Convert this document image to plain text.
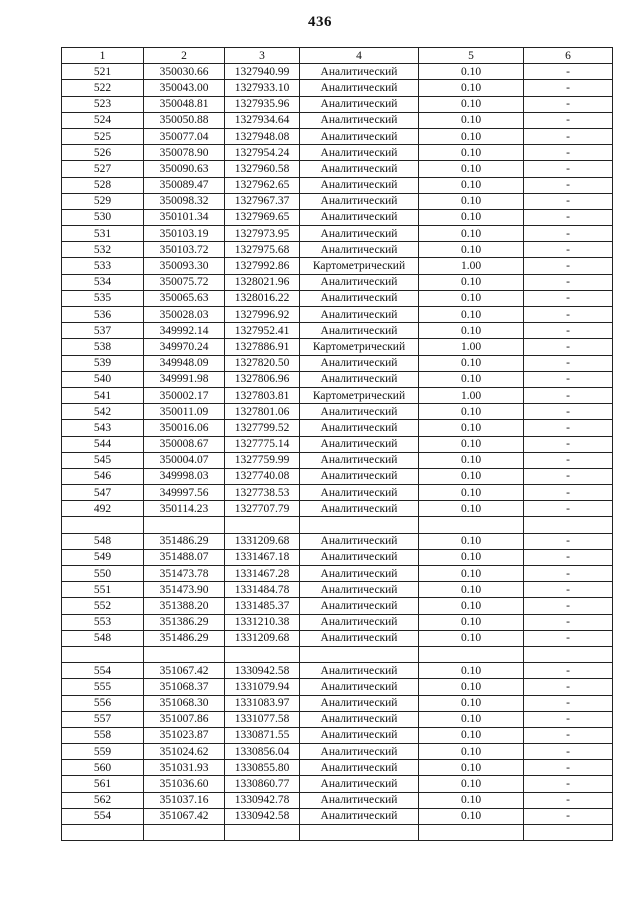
436
1	2	3	4	5	6
521	350030.66	1327940.99	Аналитический	0.10	-
522	350043.00	1327933.10	Аналитический	0.10	-
523	350048.81	1327935.96	Аналитический	0.10	-
524	350050.88	1327934.64	Аналитический	0.10	-
525	350077.04	1327948.08	Аналитический	0.10	-
526	350078.90	1327954.24	Аналитический	0.10	-
527	350090.63	1327960.58	Аналитический	0.10	-
528	350089.47	1327962.65	Аналитический	0.10	-
529	350098.32	1327967.37	Аналитический	0.10	-
530	350101.34	1327969.65	Аналитический	0.10	-
531	350103.19	1327973.95	Аналитический	0.10	-
532	350103.72	1327975.68	Аналитический	0.10	-
533	350093.30	1327992.86	Картометрический	1.00	-
534	350075.72	1328021.96	Аналитический	0.10	-
535	350065.63	1328016.22	Аналитический	0.10	-
536	350028.03	1327996.92	Аналитический	0.10	-
537	349992.14	1327952.41	Аналитический	0.10	-
538	349970.24	1327886.91	Картометрический	1.00	-
539	349948.09	1327820.50	Аналитический	0.10	-
540	349991.98	1327806.96	Аналитический	0.10	-
541	350002.17	1327803.81	Картометрический	1.00	-
542	350011.09	1327801.06	Аналитический	0.10	-
543	350016.06	1327799.52	Аналитический	0.10	-
544	350008.67	1327775.14	Аналитический	0.10	-
545	350004.07	1327759.99	Аналитический	0.10	-
546	349998.03	1327740.08	Аналитический	0.10	-
547	349997.56	1327738.53	Аналитический	0.10	-
492	350114.23	1327707.79	Аналитический	0.10	-

548	351486.29	1331209.68	Аналитический	0.10	-
549	351488.07	1331467.18	Аналитический	0.10	-
550	351473.78	1331467.28	Аналитический	0.10	-
551	351473.90	1331484.78	Аналитический	0.10	-
552	351388.20	1331485.37	Аналитический	0.10	-
553	351386.29	1331210.38	Аналитический	0.10	-
548	351486.29	1331209.68	Аналитический	0.10	-

554	351067.42	1330942.58	Аналитический	0.10	-
555	351068.37	1331079.94	Аналитический	0.10	-
556	351068.30	1331083.97	Аналитический	0.10	-
557	351007.86	1331077.58	Аналитический	0.10	-
558	351023.87	1330871.55	Аналитический	0.10	-
559	351024.62	1330856.04	Аналитический	0.10	-
560	351031.93	1330855.80	Аналитический	0.10	-
561	351036.60	1330860.77	Аналитический	0.10	-
562	351037.16	1330942.78	Аналитический	0.10	-
554	351067.42	1330942.58	Аналитический	0.10	-
